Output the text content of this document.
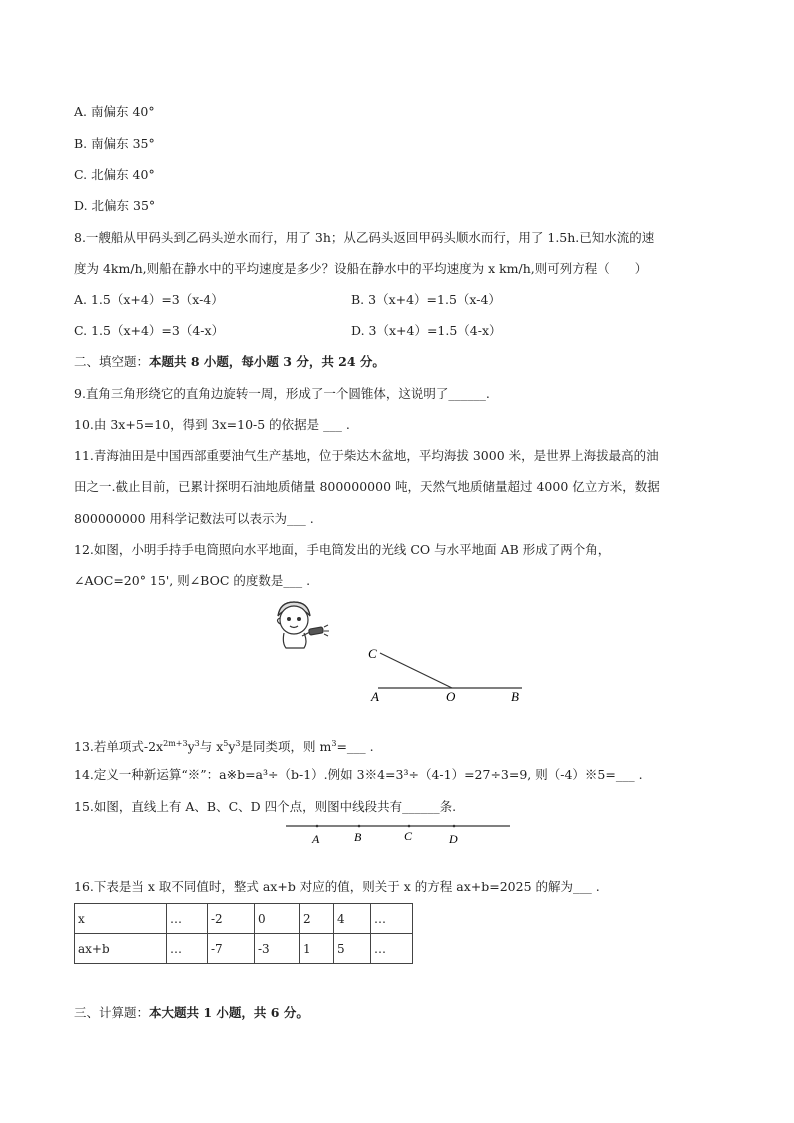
A. 南偏东 40°
B. 南偏东 35°
C. 北偏东 40°
D. 北偏东 35°
8.一艘船从甲码头到乙码头逆水而行，用了 3h；从乙码头返回甲码头顺水而行，用了 1.5h.已知水流的速
度为 4km/h,则船在静水中的平均速度是多少？设船在静水中的平均速度为 x km/h,则可列方程（　　）
A. 1.5（x+4）=3（x-4）	B. 3（x+4）=1.5（x-4）
C. 1.5（x+4）=3（4-x）	D. 3（x+4）=1.5（4-x）
二、填空题：本题共 8 小题，每小题 3 分，共 24 分。
9.直角三角形绕它的直角边旋转一周，形成了一个圆锥体，这说明了______.
10.由 3x+5=10，得到 3x=10-5 的依据是 ___ .
11.青海油田是中国西部重要油气生产基地，位于柴达木盆地，平均海拔 3000 米，是世界上海拔最高的油
田之一.截止目前，已累计探明石油地质储量 800000000 吨，天然气地质储量超过 4000 亿立方米，数据
800000000 用科学记数法可以表示为___ .
12.如图，小明手持手电筒照向水平地面，手电筒发出的光线 CO 与水平地面 AB 形成了两个角，
∠AOC=20° 15', 则∠BOC 的度数是___ .
C
A	O	B
13.若单项式$-2x^{2m+3}y^3$与 $x^5y^3$是同类项，则 $m^3=\_\_\_$ .
14.定义一种新运算“※”：a※b=a³÷（b-1）.例如 3※4=3³÷（4-1）=27÷3=9, 则（-4）※5=___ .
15.如图，直线上有 A、B、C、D 四个点，则图中线段共有______条.
A	B	C	D
16.下表是当 x 取不同值时，整式 ax+b 对应的值，则关于 x 的方程 ax+b=2025 的解为___ .
x	…	-2	0	2	4	…
ax+b	…	-7	-3	1	5	…
三、计算题：本大题共 1 小题，共 6 分。
